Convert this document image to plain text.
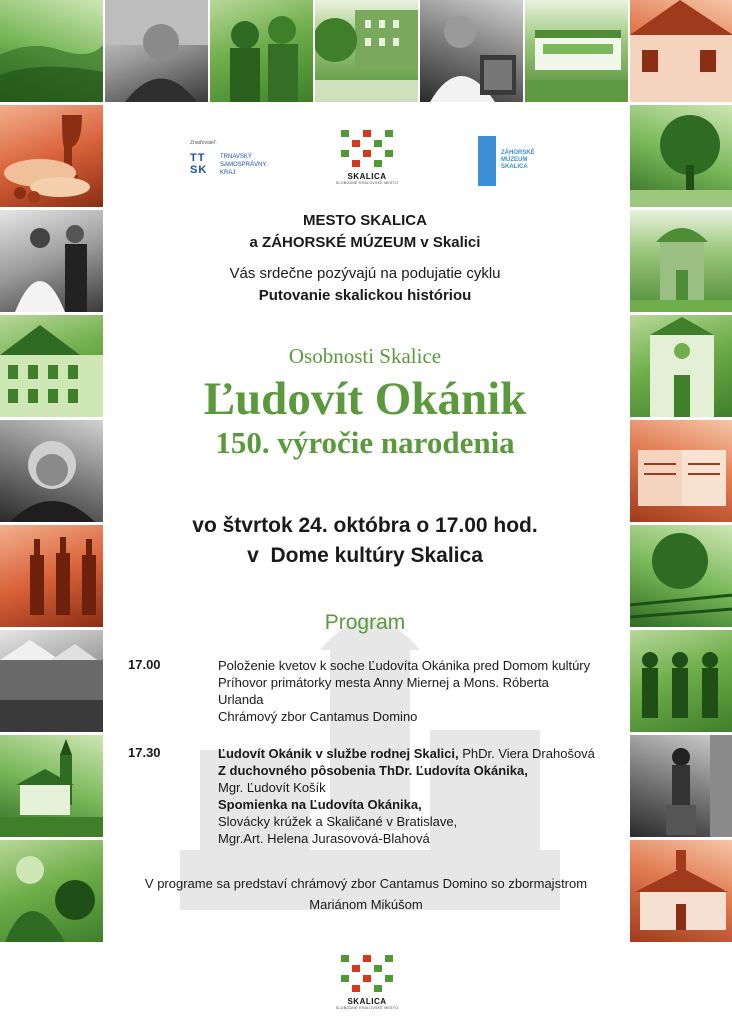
Zriaďovateľ:
TT
SK
TRNAVSKÝ
SAMOSPRÁVNY
KRAJ	SKALICA
SLOBODNÉ KRÁĽOVSKÉ MESTO
ZÁHORSKÉ
MÚZEUM
SKALICA
MESTO SKALICA
a ZÁHORSKÉ MÚZEUM v Skalici
Vás srdečne pozývajú na podujatie cyklu
Putovanie skalickou históriou
Osobnosti Skalice
Ľudovít Okánik
150. výročie narodenia
vo štvrtok 24. októbra o 17.00 hod.
v  Dome kultúry Skalica
Program
17.00	Položenie kvetov k soche Ľudovíta Okánika pred Domom kultúry
Príhovor primátorky mesta Anny Miernej a Mons. Róberta
Urlanda
Chrámový zbor Cantamus Domino
17.30	Ľudovít Okánik v službe rodnej Skalici, PhDr. Viera Drahošová
Z duchovného pôsobenia ThDr. Ľudovíta Okánika,
Mgr. Ľudovít Košík
Spomienka na Ľudovíta Okánika,
Slovácky krúžek a Skaličané v Bratislave,
Mgr.Art. Helena Jurasovová-Blahová
V programe sa predstaví chrámový zbor Cantamus Domino so zbormajstrom
Mariánom Mikúšom
SKALICA
SLOBODNÉ KRÁĽOVSKÉ MESTO
